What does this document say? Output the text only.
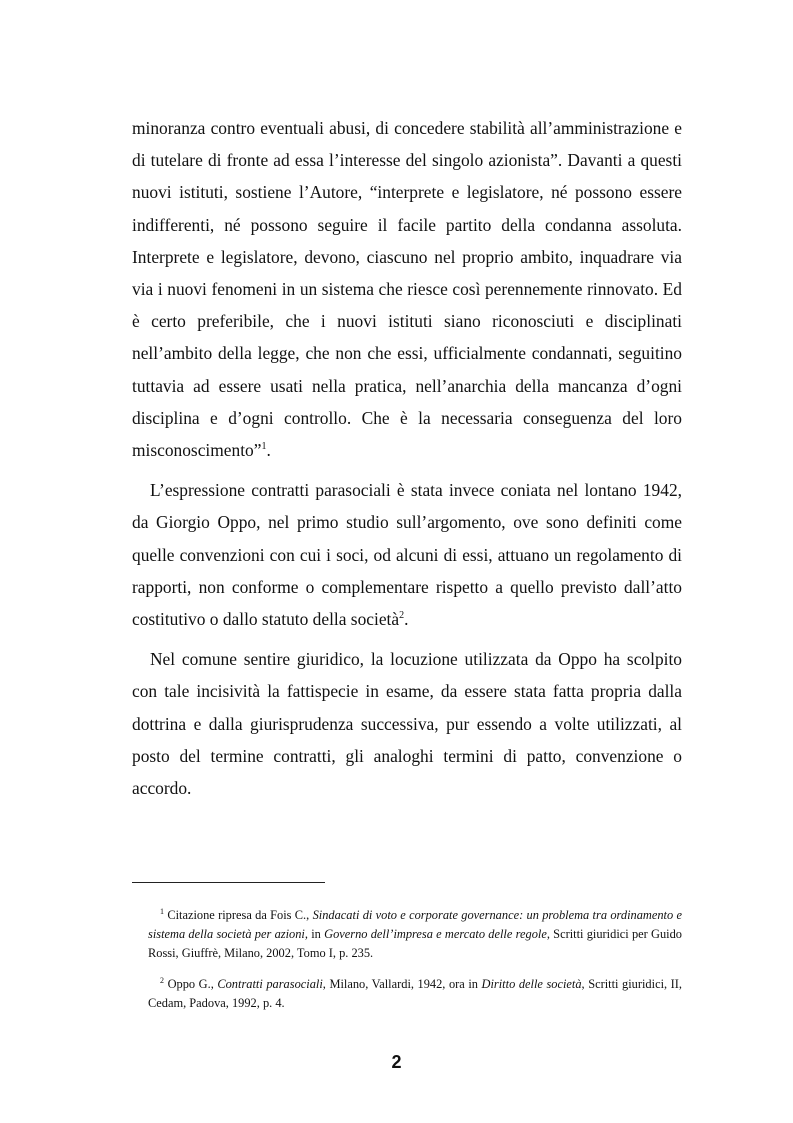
minoranza contro eventuali abusi, di concedere stabilità all’amministrazione e di tutelare di fronte ad essa l’interesse del singolo azionista”. Davanti a questi nuovi istituti, sostiene l’Autore, “interprete e legislatore, né possono essere indifferenti, né possono seguire il facile partito della condanna assoluta. Interprete e legislatore, devono, ciascuno nel proprio ambito, inquadrare via via i nuovi fenomeni in un sistema che riesce così perennemente rinnovato. Ed è certo preferibile, che i nuovi istituti siano riconosciuti e disciplinati nell’ambito della legge, che non che essi, ufficialmente condannati, seguitino tuttavia ad essere usati nella pratica, nell’anarchia della mancanza d’ogni disciplina e d’ogni controllo. Che è la necessaria conseguenza del loro misconoscimento”$^1$.

L’espressione contratti parasociali è stata invece coniata nel lontano 1942, da Giorgio Oppo, nel primo studio sull’argomento, ove sono definiti come quelle convenzioni con cui i soci, od alcuni di essi, attuano un regolamento di rapporti, non conforme o complementare rispetto a quello previsto dall’atto costitutivo o dallo statuto della società$^2$.

Nel comune sentire giuridico, la locuzione utilizzata da Oppo ha scolpito con tale incisività la fattispecie in esame, da essere stata fatta propria dalla dottrina e dalla giurisprudenza successiva, pur essendo a volte utilizzati, al posto del termine contratti, gli analoghi termini di patto, convenzione o accordo.

$^1$ Citazione ripresa da Fois C., Sindacati di voto e corporate governance: un problema tra ordinamento e sistema della società per azioni, in Governo dell’impresa e mercato delle regole, Scritti giuridici per Guido Rossi, Giuffrè, Milano, 2002, Tomo I, p. 235.

$^2$ Oppo G., Contratti parasociali, Milano, Vallardi, 1942, ora in Diritto delle società, Scritti giuridici, II, Cedam, Padova, 1992, p. 4.

2
